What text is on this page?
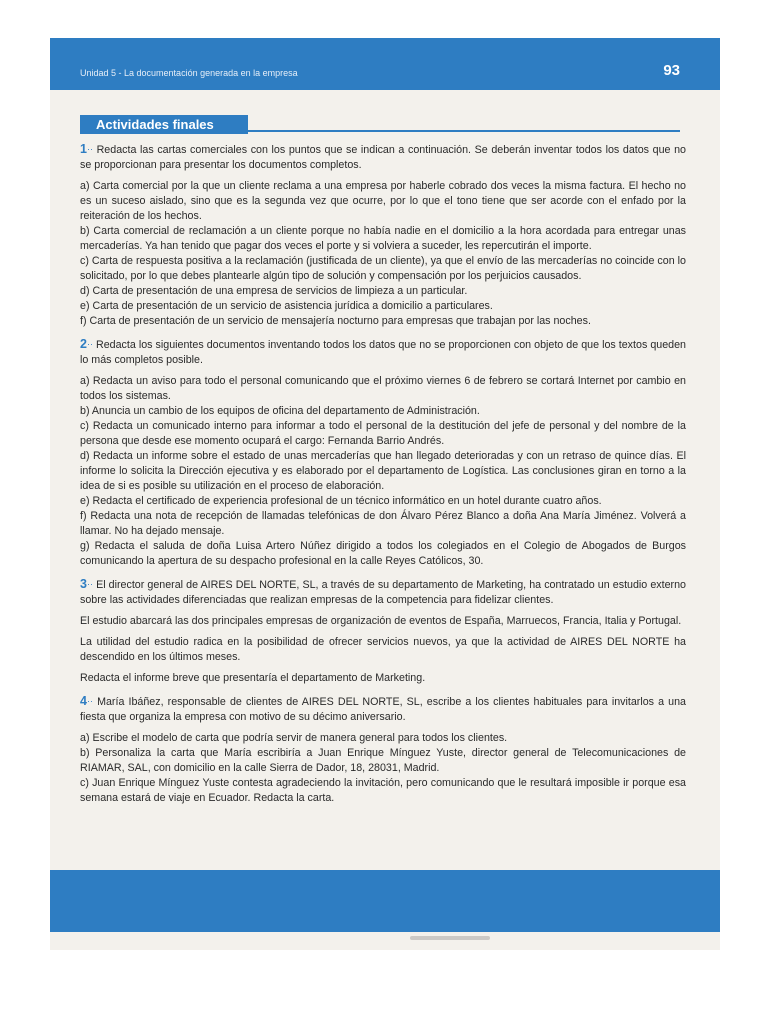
Unidad 5 - La documentación generada en la empresa	93
Actividades finales

1·· Redacta las cartas comerciales con los puntos que se indican a continuación. Se deberán inventar todos los datos que no se proporcionan para presentar los documentos completos.

a) Carta comercial por la que un cliente reclama a una empresa por haberle cobrado dos veces la misma factura. El hecho no es un suceso aislado, sino que es la segunda vez que ocurre, por lo que el tono tiene que ser acorde con el enfado por la reiteración de los hechos.

b) Carta comercial de reclamación a un cliente porque no había nadie en el domicilio a la hora acordada para entregar unas mercaderías. Ya han tenido que pagar dos veces el porte y si volviera a suceder, les repercutirán el importe.

c) Carta de respuesta positiva a la reclamación (justificada de un cliente), ya que el envío de las mercaderías no coincide con lo solicitado, por lo que debes plantearle algún tipo de solución y compensación por los perjuicios causados.

d) Carta de presentación de una empresa de servicios de limpieza a un particular.

e) Carta de presentación de un servicio de asistencia jurídica a domicilio a particulares.

f) Carta de presentación de un servicio de mensajería nocturno para empresas que trabajan por las noches.

2·· Redacta los siguientes documentos inventando todos los datos que no se proporcionen con objeto de que los textos queden lo más completos posible.

a) Redacta un aviso para todo el personal comunicando que el próximo viernes 6 de febrero se cortará Internet por cambio en todos los sistemas.

b) Anuncia un cambio de los equipos de oficina del departamento de Administración.

c) Redacta un comunicado interno para informar a todo el personal de la destitución del jefe de personal y del nombre de la persona que desde ese momento ocupará el cargo: Fernanda Barrio Andrés.

d) Redacta un informe sobre el estado de unas mercaderías que han llegado deterioradas y con un retraso de quince días. El informe lo solicita la Dirección ejecutiva y es elaborado por el departamento de Logística. Las conclusiones giran en torno a la idea de si es posible su utilización en el proceso de elaboración.

e) Redacta el certificado de experiencia profesional de un técnico informático en un hotel durante cuatro años.

f) Redacta una nota de recepción de llamadas telefónicas de don Álvaro Pérez Blanco a doña Ana María Jiménez. Volverá a llamar. No ha dejado mensaje.

g) Redacta el saluda de doña Luisa Artero Núñez dirigido a todos los colegiados en el Colegio de Abogados de Burgos comunicando la apertura de su despacho profesional en la calle Reyes Católicos, 30.

3·· El director general de AIRES DEL NORTE, SL, a través de su departamento de Marketing, ha contratado un estudio externo sobre las actividades diferenciadas que realizan empresas de la competencia para fidelizar clientes.

El estudio abarcará las dos principales empresas de organización de eventos de España, Marruecos, Francia, Italia y Portugal.

La utilidad del estudio radica en la posibilidad de ofrecer servicios nuevos, ya que la actividad de AIRES DEL NORTE ha descendido en los últimos meses.

Redacta el informe breve que presentaría el departamento de Marketing.

4·· María Ibáñez, responsable de clientes de AIRES DEL NORTE, SL, escribe a los clientes habituales para invitarlos a una fiesta que organiza la empresa con motivo de su décimo aniversario.

a) Escribe el modelo de carta que podría servir de manera general para todos los clientes.

b) Personaliza la carta que María escribiría a Juan Enrique Mínguez Yuste, director general de Telecomunicaciones de RIAMAR, SAL, con domicilio en la calle Sierra de Dador, 18, 28031, Madrid.

c) Juan Enrique Mínguez Yuste contesta agradeciendo la invitación, pero comunicando que le resultará imposible ir porque esa semana estará de viaje en Ecuador. Redacta la carta.
